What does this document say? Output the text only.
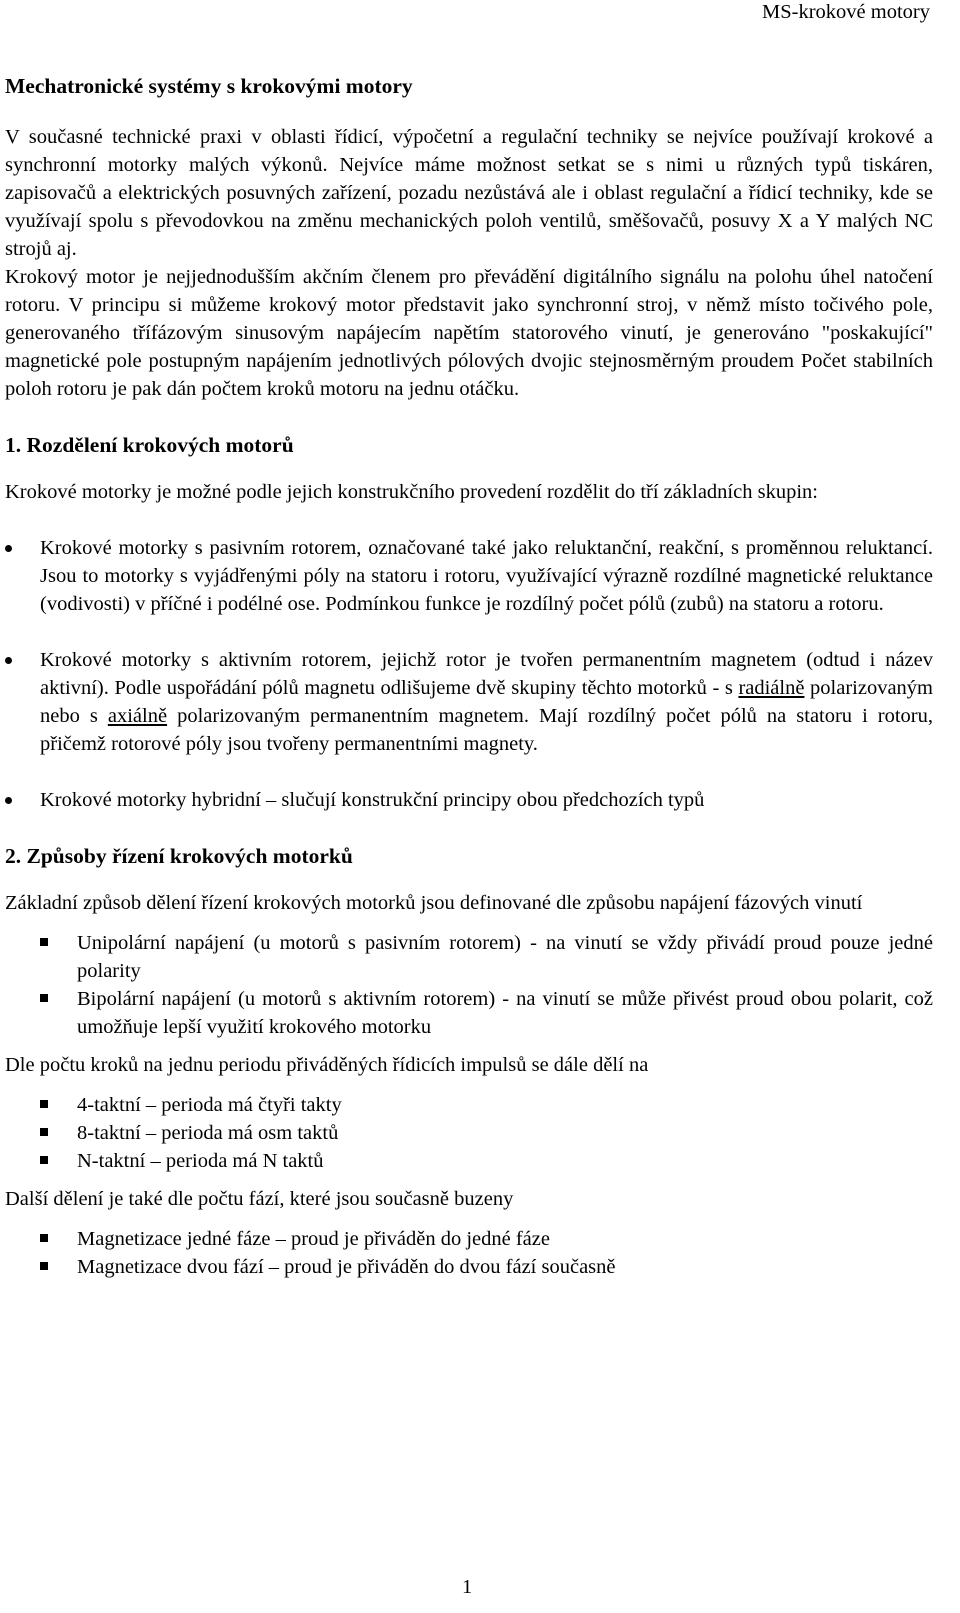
MS-krokové motory
Mechatronické systémy s krokovými motory

V současné technické praxi v oblasti řídicí, výpočetní a regulační techniky se nejvíce používají krokové a synchronní motorky malých výkonů. Nejvíce máme možnost setkat se s nimi u různých typů tiskáren, zapisovačů a elektrických posuvných zařízení, pozadu nezůstává ale i oblast regulační a řídicí techniky, kde se využívají spolu s převodovkou na změnu mechanických poloh ventilů, směšovačů, posuvy X a Y malých NC strojů aj.

Krokový motor je nejjednodušším akčním členem pro převádění digitálního signálu na polohu úhel natočení rotoru. V principu si můžeme krokový motor představit jako synchronní stroj, v němž místo točivého pole, generovaného třífázovým sinusovým napájecím napětím statorového vinutí, je generováno "poskakující" magnetické pole postupným napájením jednotlivých pólových dvojic stejnosměrným proudem Počet stabilních poloh rotoru je pak dán počtem kroků motoru na jednu otáčku.

1. Rozdělení krokových motorů

Krokové motorky je možné podle jejich konstrukčního provedení rozdělit do tří základních skupin:

Krokové motorky s pasivním rotorem, označované také jako reluktanční, reakční, s proměnnou reluktancí. Jsou to motorky s vyjádřenými póly na statoru i rotoru, využívající výrazně rozdílné magnetické reluktance (vodivosti) v příčné i podélné ose. Podmínkou funkce je rozdílný počet pólů (zubů) na statoru a rotoru.
Krokové motorky s aktivním rotorem, jejichž rotor je tvořen permanentním magnetem (odtud i název aktivní). Podle uspořádání pólů magnetu odlišujeme dvě skupiny těchto motorků - s radiálně polarizovaným nebo s axiálně polarizovaným permanentním magnetem. Mají rozdílný počet pólů na statoru i rotoru, přičemž rotorové póly jsou tvořeny permanentními magnety.
Krokové motorky hybridní – slučují konstrukční principy obou předchozích typů
2. Způsoby řízení krokových motorků

Základní způsob dělení řízení krokových motorků jsou definované dle způsobu napájení fázových vinutí

Unipolární napájení (u motorů s pasivním rotorem) - na vinutí se vždy přivádí proud pouze jedné polarity
Bipolární napájení (u motorů s aktivním rotorem) - na vinutí se může přivést proud obou polarit, což umožňuje lepší využití krokového motorku

Dle počtu kroků na jednu periodu přiváděných řídicích impulsů se dále dělí na

4-taktní – perioda má čtyři takty
8-taktní – perioda má osm taktů
N-taktní – perioda má N taktů

Další dělení je také dle počtu fází, které jsou současně buzeny

Magnetizace jedné fáze – proud je přiváděn do jedné fáze
Magnetizace dvou fází – proud je přiváděn do dvou fází současně
1
